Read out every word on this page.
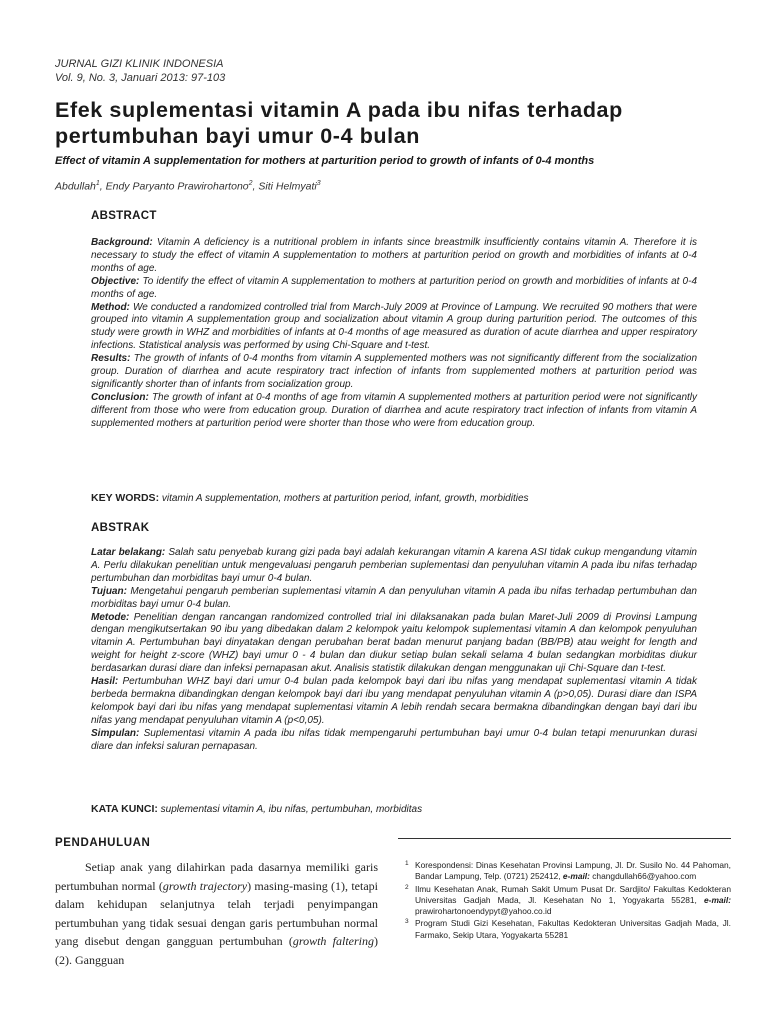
JURNAL GIZI KLINIK INDONESIA
Vol. 9, No. 3, Januari 2013: 97-103
Efek suplementasi vitamin A pada ibu nifas terhadap
pertumbuhan bayi umur 0-4 bulan

Effect of vitamin A supplementation for mothers at parturition period to growth of infants of 0-4 months

Abdullah$^1$, Endy Paryanto Prawirohartono$^2$, Siti Helmyati$^3$
ABSTRACT

Background: Vitamin A deficiency is a nutritional problem in infants since breastmilk insufficiently contains vitamin A. Therefore it is necessary to study the effect of vitamin A supplementation to mothers at parturition period on growth and morbidities of infants at 0-4 months of age.

Objective: To identify the effect of vitamin A supplementation to mothers at parturition period on growth and morbidities of infants at 0-4 months of age.

Method: We conducted a randomized controlled trial from March-July 2009 at Province of Lampung. We recruited 90 mothers that were grouped into vitamin A supplementation group and socialization about vitamin A group during parturition period. The outcomes of this study were growth in WHZ and morbidities of infants at 0-4 months of age measured as duration of acute diarrhea and upper respiratory infections. Statistical analysis was performed by using Chi-Square and t-test.

Results: The growth of infants of 0-4 months from vitamin A supplemented mothers was not significantly different from the socialization group. Duration of diarrhea and acute respiratory tract infection of infants from supplemented mothers at parturition period was significantly shorter than of infants from socialization group.

Conclusion: The growth of infant at 0-4 months of age from vitamin A supplemented mothers at parturition period were not significantly different from those who were from education group. Duration of diarrhea and acute respiratory tract infection of infants from vitamin A supplemented mothers at parturition period were shorter than those who were from education group.

KEY WORDS: vitamin A supplementation, mothers at parturition period, infant, growth, morbidities
ABSTRAK

Latar belakang: Salah satu penyebab kurang gizi pada bayi adalah kekurangan vitamin A karena ASI tidak cukup mengandung vitamin A. Perlu dilakukan penelitian untuk mengevaluasi pengaruh pemberian suplementasi dan penyuluhan vitamin A pada ibu nifas terhadap pertumbuhan dan morbiditas bayi umur 0-4 bulan.

Tujuan: Mengetahui pengaruh pemberian suplementasi vitamin A dan penyuluhan vitamin A pada ibu nifas terhadap pertumbuhan dan morbiditas bayi umur 0-4 bulan.

Metode: Penelitian dengan rancangan randomized controlled trial ini dilaksanakan pada bulan Maret-Juli 2009 di Provinsi Lampung dengan mengikutsertakan 90 ibu yang dibedakan dalam 2 kelompok yaitu kelompok suplementasi vitamin A dan kelompok penyuluhan vitamin A. Pertumbuhan bayi dinyatakan dengan perubahan berat badan menurut panjang badan (BB/PB) atau weight for length and weight for height z-score (WHZ) bayi umur 0 - 4 bulan dan diukur setiap bulan sekali selama 4 bulan sedangkan morbiditas diukur berdasarkan durasi diare dan infeksi pernapasan akut. Analisis statistik dilakukan dengan menggunakan uji Chi-Square dan t-test.

Hasil: Pertumbuhan WHZ bayi dari umur 0-4 bulan pada kelompok bayi dari ibu nifas yang mendapat suplementasi vitamin A tidak berbeda bermakna dibandingkan dengan kelompok bayi dari ibu yang mendapat penyuluhan vitamin A (p>0,05). Durasi diare dan ISPA kelompok bayi dari ibu nifas yang mendapat suplementasi vitamin A lebih rendah secara bermakna dibandingkan dengan bayi dari ibu nifas yang mendapat penyuluhan vitamin A (p<0,05).

Simpulan: Suplementasi vitamin A pada ibu nifas tidak mempengaruhi pertumbuhan bayi umur 0-4 bulan tetapi menurunkan durasi diare dan infeksi saluran pernapasan.

KATA KUNCI: suplementasi vitamin A, ibu nifas, pertumbuhan, morbiditas
PENDAHULUAN

Setiap anak yang dilahirkan pada dasarnya memiliki garis pertumbuhan normal (growth trajectory) masing-masing (1), tetapi dalam kehidupan selanjutnya telah terjadi penyimpangan pertumbuhan yang tidak sesuai dengan garis pertumbuhan normal yang disebut dengan gangguan pertumbuhan (growth faltering) (2). Gangguan

1 Korespondensi: Dinas Kesehatan Provinsi Lampung, Jl. Dr. Susilo No. 44 Pahoman, Bandar Lampung, Telp. (0721) 252412, e-mail: changdullah66@yahoo.com
2 Ilmu Kesehatan Anak, Rumah Sakit Umum Pusat Dr. Sardjito/ Fakultas Kedokteran Universitas Gadjah Mada, Jl. Kesehatan No 1, Yogyakarta 55281, e-mail: prawirohartonoendypyt@yahoo.co.id
3 Program Studi Gizi Kesehatan, Fakultas Kedokteran Universitas Gadjah Mada, Jl. Farmako, Sekip Utara, Yogyakarta 55281
